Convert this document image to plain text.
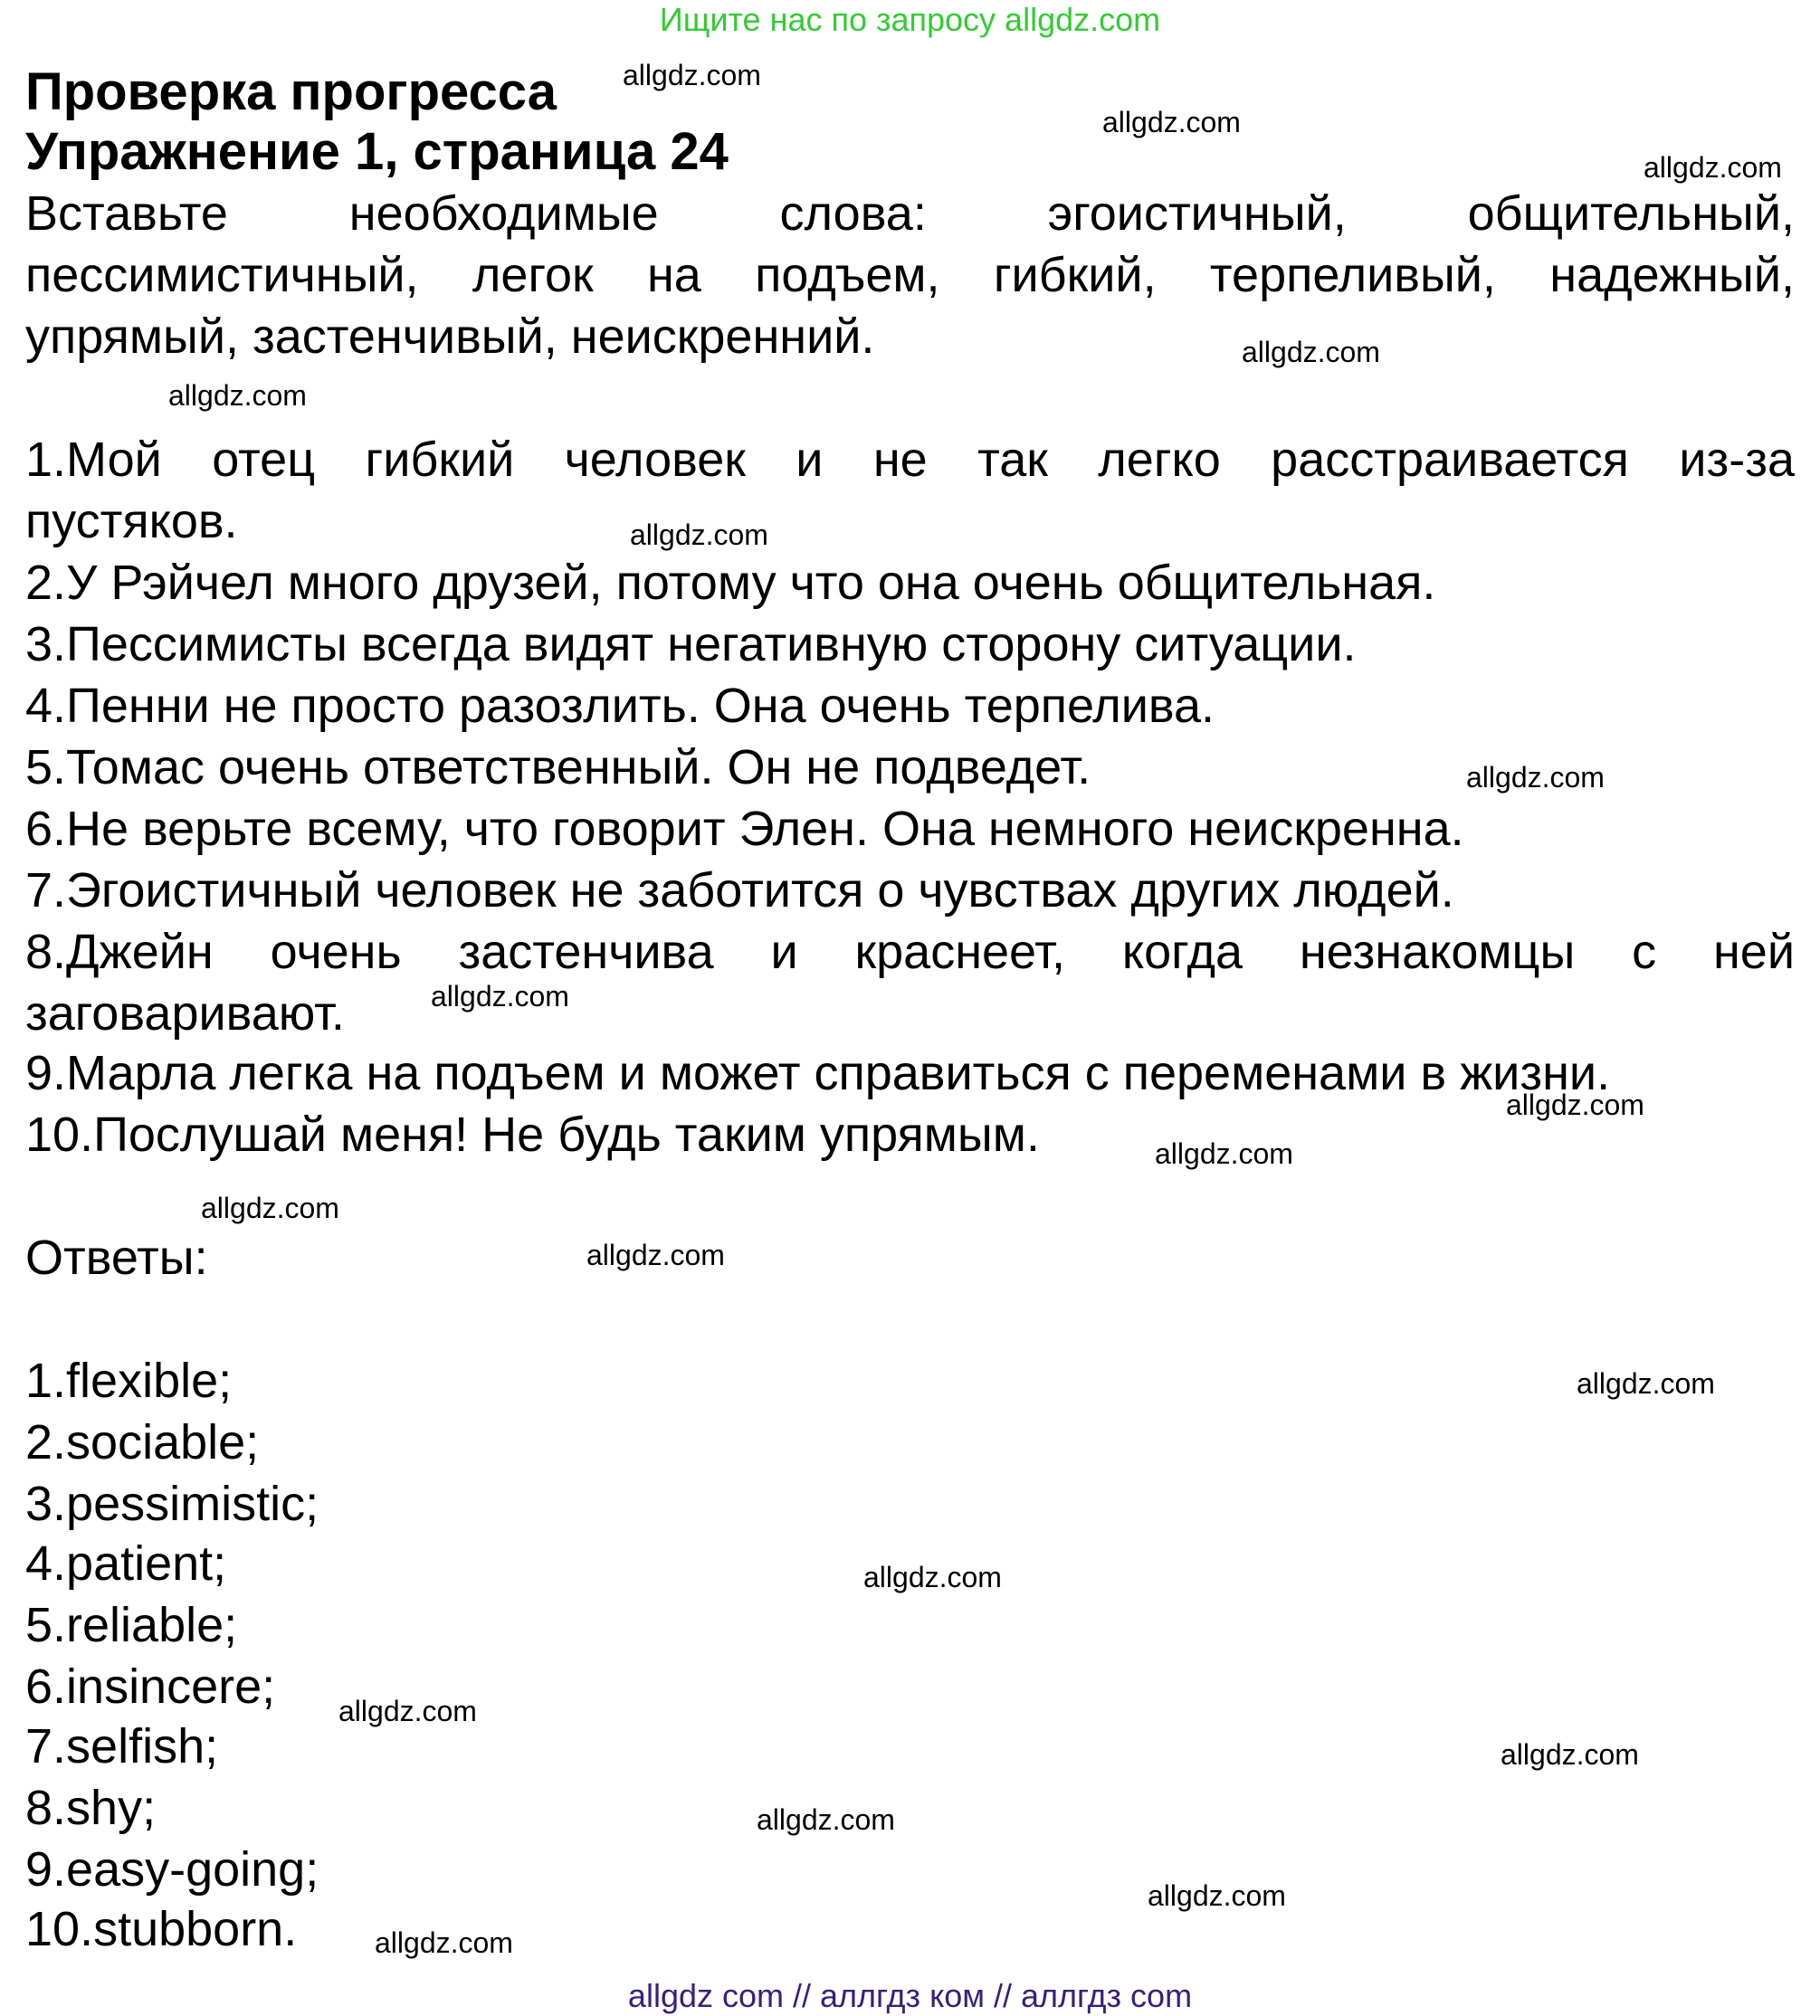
Ищите нас по запросу allgdz.com
Проверка прогресса
Упражнение 1, страница 24

Вставьте необходимые слова: эгоистичный, общительный,

пессимистичный, легок на подъем, гибкий, терпеливый, надежный,

упрямый, застенчивый, неискренний.

1.Мой отец гибкий человек и не так легко расстраивается из-за

пустяков.

2.У Рэйчел много друзей, потому что она очень общительная.

3.Пессимисты всегда видят негативную сторону ситуации.

4.Пенни не просто разозлить. Она очень терпелива.

5.Томас очень ответственный. Он не подведет.

6.Не верьте всему, что говорит Элен. Она немного неискренна.

7.Эгоистичный человек не заботится о чувствах других людей.

8.Джейн очень застенчива и краснеет, когда незнакомцы с ней

заговаривают.

9.Марла легка на подъем и может справиться с переменами в жизни.

10.Послушай меня! Не будь таким упрямым.

Ответы:

1.flexible;

2.sociable;

3.pessimistic;

4.patient;

5.reliable;

6.insincere;

7.selfish;

8.shy;

9.easy-going;

10.stubborn.

allgdz.com
allgdz.com
allgdz.com
allgdz.com
allgdz.com
allgdz.com
allgdz.com
allgdz.com
allgdz.com
allgdz.com
allgdz.com
allgdz.com
allgdz.com
allgdz.com
allgdz.com
allgdz.com
allgdz.com
allgdz.com
allgdz.com
allgdz com // аллгдз ком // аллгдз com
